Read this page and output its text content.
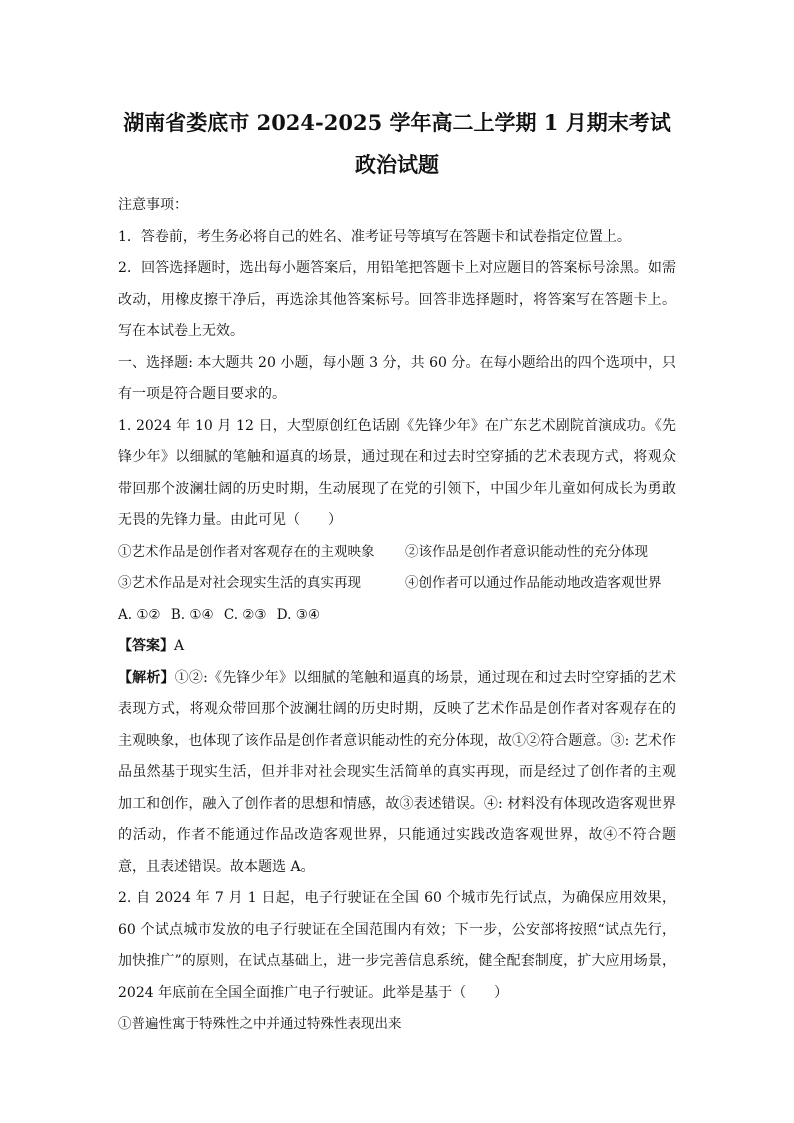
湖南省娄底市 2024-2025 学年高二上学期 1 月期末考试
政治试题

注意事项：

1．答卷前，考生务必将自己的姓名、准考证号等填写在答题卡和试卷指定位置上。

2．回答选择题时，选出每小题答案后，用铅笔把答题卡上对应题目的答案标号涂黑。如需改动，用橡皮擦干净后，再选涂其他答案标号。回答非选择题时，将答案写在答题卡上。写在本试卷上无效。

一、选择题: 本大题共 20 小题，每小题 3 分，共 60 分。在每小题给出的四个选项中，只有一项是符合题目要求的。

1. 2024 年 10 月 12 日，大型原创红色话剧《先锋少年》在广东艺术剧院首演成功。《先锋少年》以细腻的笔触和逼真的场景，通过现在和过去时空穿插的艺术表现方式，将观众带回那个波澜壮阔的历史时期，生动展现了在党的引领下，中国少年儿童如何成长为勇敢无畏的先锋力量。由此可见（　　）

①艺术作品是创作者对客观存在的主观映象	②该作品是创作者意识能动性的充分体现
③艺术作品是对社会现实生活的真实再现	④创作者可以通过作品能动地改造客观世界
A. ①② B. ①④ C. ②③ D. ③④

【答案】A

【解析】①②:《先锋少年》以细腻的笔触和逼真的场景，通过现在和过去时空穿插的艺术表现方式，将观众带回那个波澜壮阔的历史时期，反映了艺术作品是创作者对客观存在的主观映象，也体现了该作品是创作者意识能动性的充分体现，故①②符合题意。③: 艺术作品虽然基于现实生活，但并非对社会现实生活简单的真实再现，而是经过了创作者的主观加工和创作，融入了创作者的思想和情感，故③表述错误。④: 材料没有体现改造客观世界的活动，作者不能通过作品改造客观世界，只能通过实践改造客观世界，故④不符合题意，且表述错误。故本题选 A。

2. 自 2024 年 7 月 1 日起，电子行驶证在全国 60 个城市先行试点，为确保应用效果，60 个试点城市发放的电子行驶证在全国范围内有效；下一步，公安部将按照“试点先行，加快推广”的原则，在试点基础上，进一步完善信息系统，健全配套制度，扩大应用场景，2024 年底前在全国全面推广电子行驶证。此举是基于（　　）

①普遍性寓于特殊性之中并通过特殊性表现出来
